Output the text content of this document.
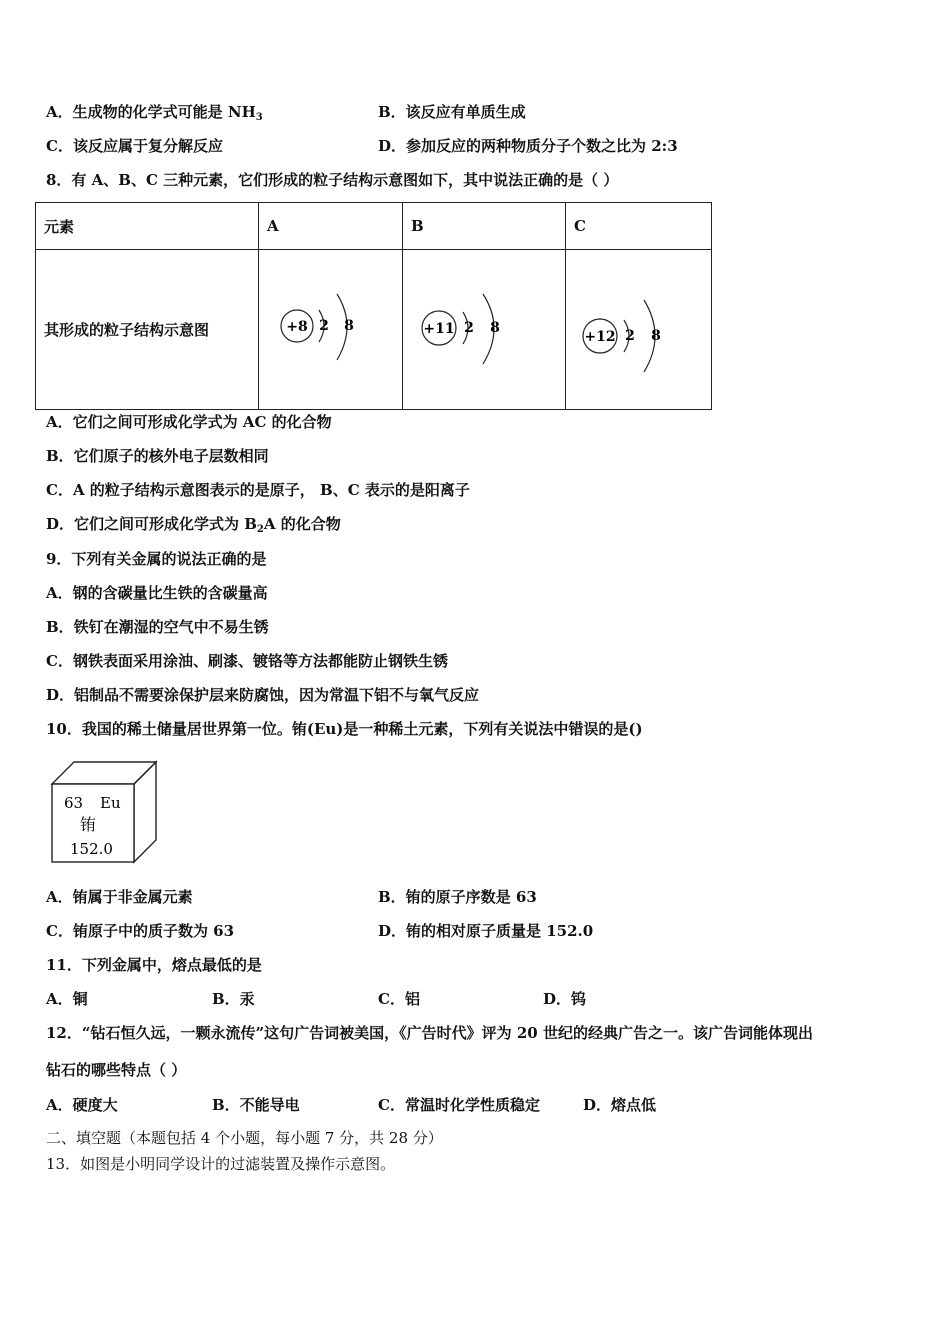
A．生成物的化学式可能是 $NH_3$	B．该反应有单质生成
C．该反应属于复分解反应	D．参加反应的两种物质分子个数之比为 2:3
8．有 A、B、C 三种元素，它们形成的粒子结构示意图如下，其中说法正确的是（ ）
元素	A	B	C
其形成的粒子结构示意图	+8 2 8	+11 2 8	+12 2 8
A．它们之间可形成化学式为 AC 的化合物
B．它们原子的核外电子层数相同
C．A 的粒子结构示意图表示的是原子， B、C 表示的是阳离子
D．它们之间可形成化学式为 $B_2A$ 的化合物
9．下列有关金属的说法正确的是
A．钢的含碳量比生铁的含碳量高
B．铁钉在潮湿的空气中不易生锈
C．钢铁表面采用涂油、刷漆、镀铬等方法都能防止钢铁生锈
D．铝制品不需要涂保护层来防腐蚀，因为常温下铝不与氧气反应
10．我国的稀土储量居世界第一位。铕(Eu)是一种稀土元素，下列有关说法中错误的是()
63 Eu
铕
152.0
A．铕属于非金属元素	B．铕的原子序数是 63
C．铕原子中的质子数为 63	D．铕的相对原子质量是 152.0
11．下列金属中，熔点最低的是
A．铜	B．汞	C．铝	D．钨
12．“钻石恒久远，一颗永流传”这句广告词被美国，《广告时代》评为 20 世纪的经典广告之一。该广告词能体现出
钻石的哪些特点（ ）
A．硬度大	B．不能导电	C．常温时化学性质稳定	D．熔点低
二、填空题（本题包括 4 个小题，每小题 7 分，共 28 分）
13．如图是小明同学设计的过滤装置及操作示意图。
